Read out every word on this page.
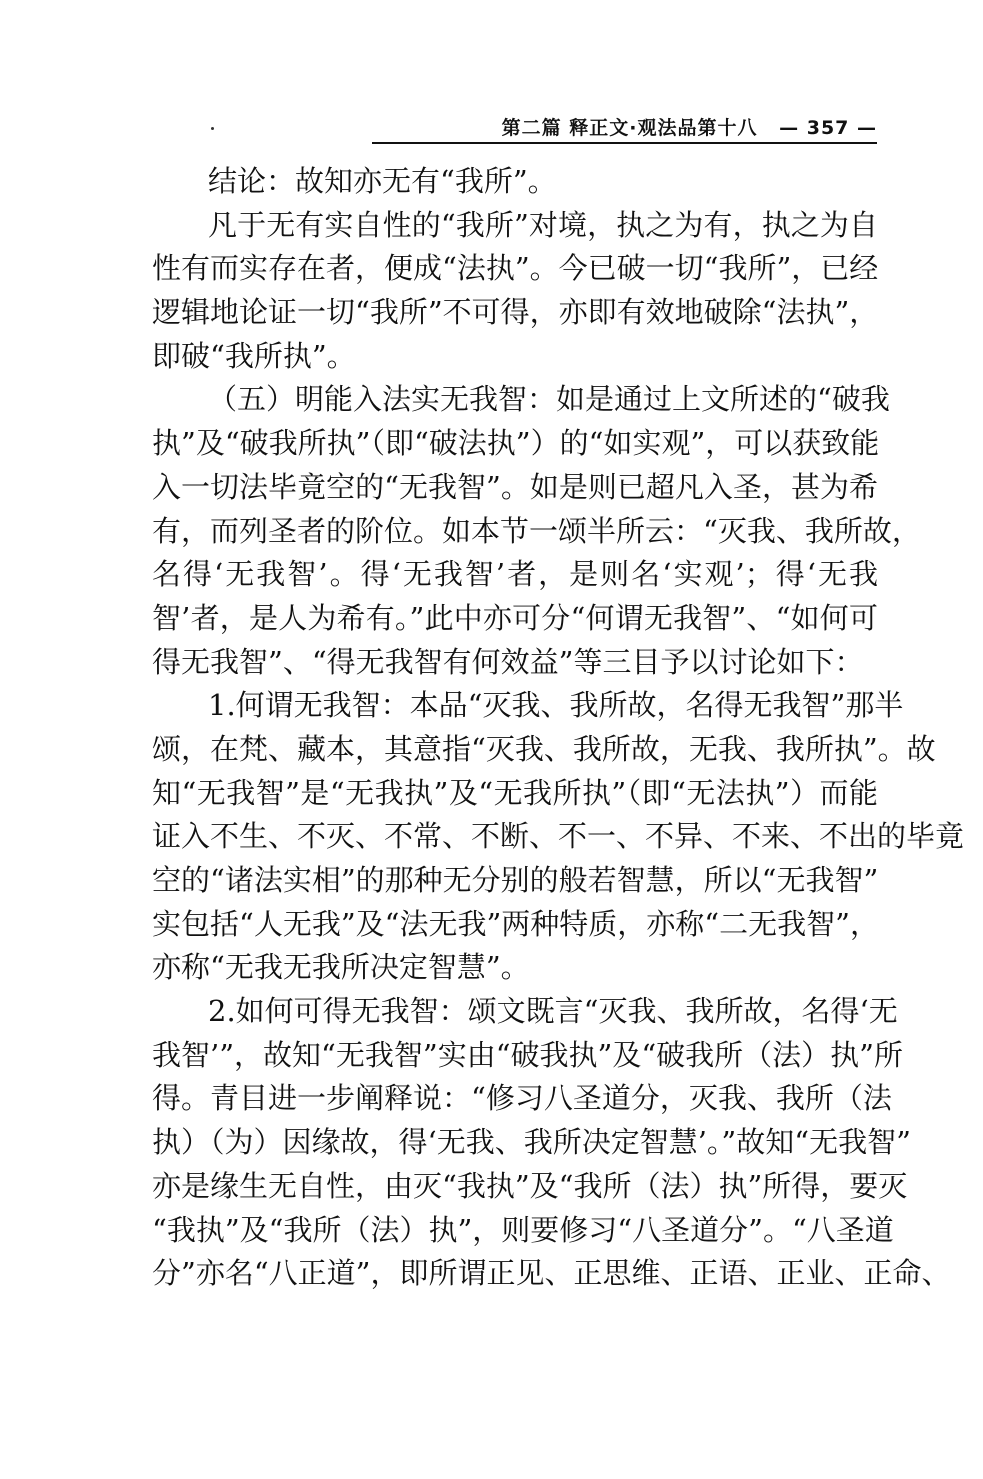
第二篇 释正文·观法品第十八 — 357 —
结论：故知亦无有“我所”。
凡于无有实自性的“我所”对境，执之为有，执之为自
性有而实存在者，便成“法执”。今已破一切“我所”，已经
逻辑地论证一切“我所”不可得，亦即有效地破除“法执”，
即破“我所执”。
（五）明能入法实无我智：如是通过上文所述的“破我
执”及“破我所执”（即“破法执”）的“如实观”，可以获致能
入一切法毕竟空的“无我智”。如是则已超凡入圣，甚为希
有，而列圣者的阶位。如本节一颂半所云：“灭我、我所故，
名得‘无我智’。得‘无我智’者，是则名‘实观’；得‘无我
智’者，是人为希有。”此中亦可分“何谓无我智”、“如何可
得无我智”、“得无我智有何效益”等三目予以讨论如下：
1.何谓无我智：本品“灭我、我所故，名得无我智”那半
颂，在梵、藏本，其意指“灭我、我所故，无我、我所执”。故
知“无我智”是“无我执”及“无我所执”（即“无法执”）而能
证入不生、不灭、不常、不断、不一、不异、不来、不出的毕竟
空的“诸法实相”的那种无分别的般若智慧，所以“无我智”
实包括“人无我”及“法无我”两种特质，亦称“二无我智”，
亦称“无我无我所决定智慧”。
2.如何可得无我智：颂文既言“灭我、我所故，名得‘无
我智’”，故知“无我智”实由“破我执”及“破我所（法）执”所
得。青目进一步阐释说：“修习八圣道分，灭我、我所（法
执）（为）因缘故，得‘无我、我所决定智慧’。”故知“无我智”
亦是缘生无自性，由灭“我执”及“我所（法）执”所得，要灭
“我执”及“我所（法）执”，则要修习“八圣道分”。“八圣道
分”亦名“八正道”，即所谓正见、正思维、正语、正业、正命、
